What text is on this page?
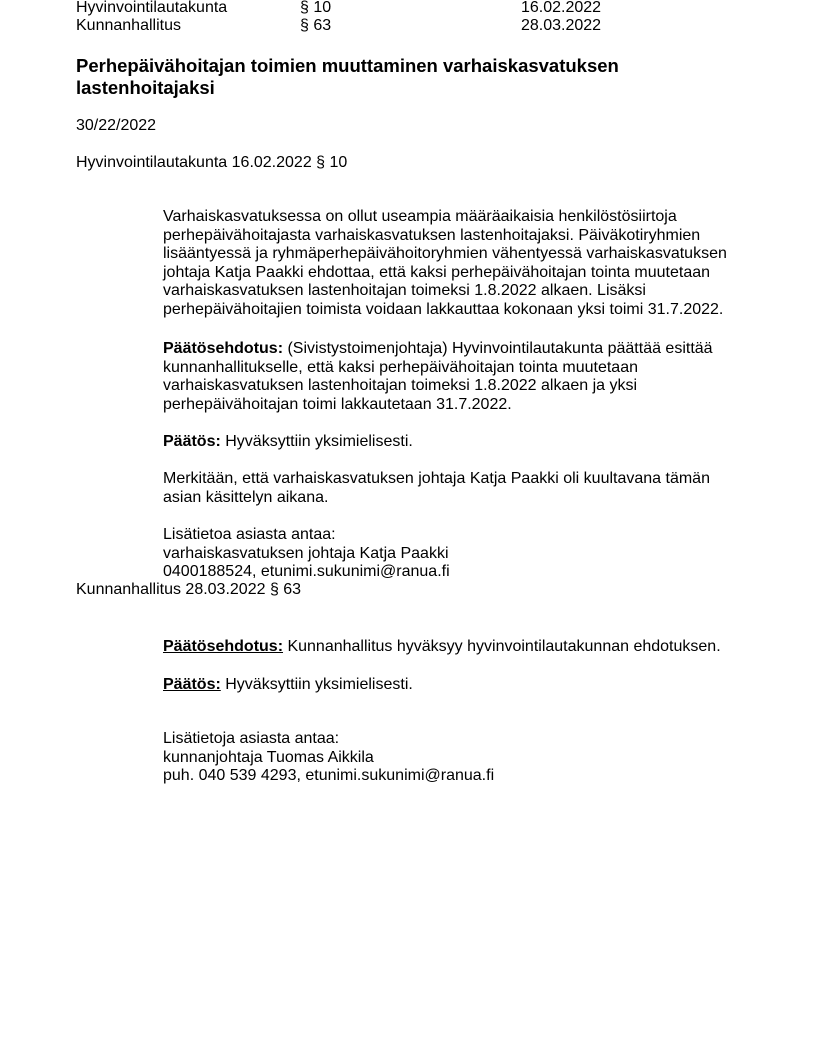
Hyvinvointilautakunta	§ 10	16.02.2022
Kunnanhallitus	§ 63	28.03.2022
Perhepäivähoitajan toimien muuttaminen varhaiskasvatuksen
lastenhoitajaksi
30/22/2022
Hyvinvointilautakunta 16.02.2022 § 10
Varhaiskasvatuksessa on ollut useampia määräaikaisia henkilöstösiirtoja
perhepäivähoitajasta varhaiskasvatuksen lastenhoitajaksi. Päiväkotiryhmien
lisääntyessä ja ryhmäperhepäivähoitoryhmien vähentyessä varhaiskasvatuksen
johtaja Katja Paakki ehdottaa, että kaksi perhepäivähoitajan tointa muutetaan
varhaiskasvatuksen lastenhoitajan toimeksi 1.8.2022 alkaen. Lisäksi
perhepäivähoitajien toimista voidaan lakkauttaa kokonaan yksi toimi 31.7.2022.
Päätösehdotus: (Sivistystoimenjohtaja) Hyvinvointilautakunta päättää esittää
kunnanhallitukselle, että kaksi perhepäivähoitajan tointa muutetaan
varhaiskasvatuksen lastenhoitajan toimeksi 1.8.2022 alkaen ja yksi
perhepäivähoitajan toimi lakkautetaan 31.7.2022.
Päätös: Hyväksyttiin yksimielisesti.
Merkitään, että varhaiskasvatuksen johtaja Katja Paakki oli kuultavana tämän
asian käsittelyn aikana.
Lisätietoa asiasta antaa:
varhaiskasvatuksen johtaja Katja Paakki
0400188524, etunimi.sukunimi@ranua.fi
Kunnanhallitus 28.03.2022 § 63
Päätösehdotus: Kunnanhallitus hyväksyy hyvinvointilautakunnan ehdotuksen.
Päätös: Hyväksyttiin yksimielisesti.
Lisätietoja asiasta antaa:
kunnanjohtaja Tuomas Aikkila
puh. 040 539 4293, etunimi.sukunimi@ranua.fi
